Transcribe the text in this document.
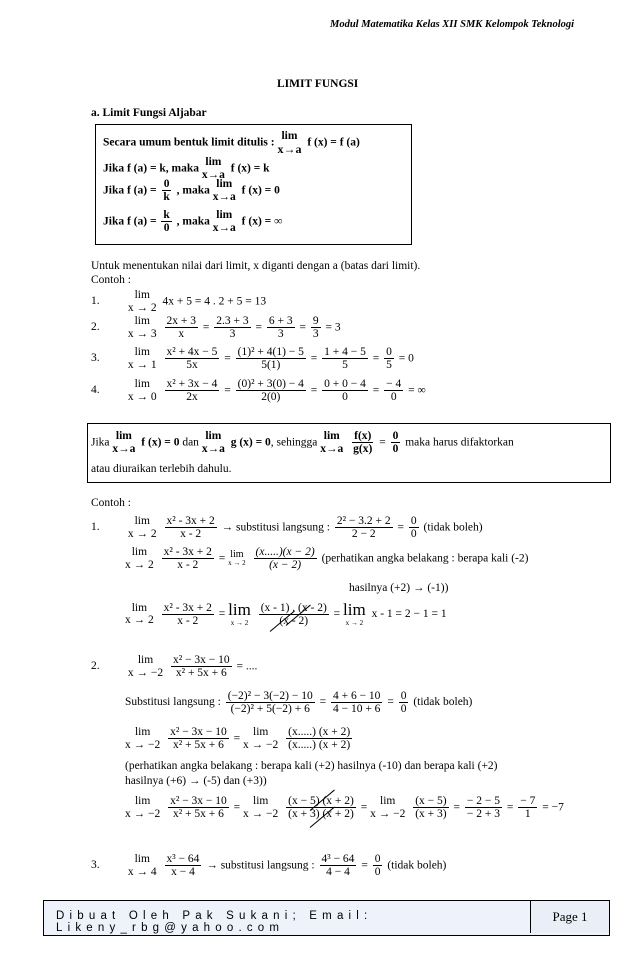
Modul Matematika Kelas XII SMK Kelompok Teknologi
LIMIT FUNGSI
a. Limit Fungsi Aljabar
Secara umum bentuk limit ditulis :
lim
x→a f (x) = f (a)
Jika f (a) = k, maka
lim
x→a
f (x) = k
Jika f $(a) = \frac{0}{k}$ , maka
lim
x→a
f (x) = 0
Jika f $(a) = \frac{k}{0}$ , maka
lim
x→a
f (x) = ∞
Untuk menentukan nilai dari limit, x diganti dengan a (batas dari limit).
Contoh :
1.
lim
x → 2
4x + 5 = 4 . 2 + 5 = 13
2.
lim
x → 3
$\frac{2x + 3}{x} = \frac{2.3 + 3}{3} = \frac{6 + 3}{3} = \frac{9}{3} = 3$
3.
lim
x → 1
$\frac{\text{x² + 4x − 5}}{5x} = \frac{\text{(1)² + 4(1) − 5}}{5(1)} = \frac{1 + 4 - 5}{5} = \frac{0}{5} = 0$
4.
lim
x → 0
$\frac{\text{x² + 3x − 4}}{2x} = \frac{\text{(0)² + 3(0) − 4}}{2(0)} = \frac{0 + 0 - 4}{0} = \frac{- 4}{0}$ = ∞
Jika
lim
x→a
f (x) = 0 dan
lim
x→a
g (x) = 0, sehingga
lim
x→a
$\frac{f(x)}{g(x)} = \frac{0}{0}$ maka harus difaktorkan
atau diuraikan terlebih dahulu.
Contoh :
1.
lim
x → 2
$\frac{\text{x² - 3x + 2}}{x - 2}$ → substitusi langsung : $\frac{\text{2² − 3.2 + 2}}{2 - 2} = \frac{0}{0}$ (tidak boleh)
lim
x → 2
$\frac{\text{x² - 3x + 2}}{x - 2} = \lim$
x → 2
$\frac{(x.....)(x - 2)}{(x - 2)}$ (perhatikan angka belakang : berapa kali (-2)
hasilnya (+2) → (-1))
lim
x → 2
$\frac{\text{x² - 3x + 2}}{x - 2} = \lim$
x → 2
$\frac{(x - 1) . (x - 2)}{(x - 2)} = \lim$
x → 2
x - 1 = 2 − 1 = 1
2.
lim
x → −2
$\frac{\text{x² − 3x − 10}}{\text{x² + 5x + 6}}$ = ....
Substitusi langsung : $\frac{\text{(−2)² − 3(−2) − 10}}{\text{(−2)² + 5(−2) + 6}} = \frac{4 + 6 - 10}{4 - 10 + 6} = \frac{0}{0}$ (tidak boleh)
lim
x → −2
$\frac{\text{x² − 3x − 10}}{\text{x² + 5x + 6}}$ =
lim
x → −2
$\frac{(x.....) (x + 2)}{(x.....) (x + 2)}$
(perhatikan angka belakang : berapa kali (+2) hasilnya (-10) dan berapa kali (+2)
hasilnya (+6) → (-5) dan (+3))
lim
x → −2
$\frac{\text{x² − 3x − 10}}{\text{x² + 5x + 6}}$ =
lim
x → −2
$\frac{(x - 5) (x + 2)}{(x + 3) (x + 2)}$ =
lim
x → −2
$\frac{(x - 5)}{(x + 3)} = \frac{- 2 - 5}{- 2 + 3} = \frac{- 7}{1} = -7$
3.
lim
x → 4
$\frac{\text{x³ − 64}}{x - 4}$ → substitusi langsung : $\frac{\text{4³ − 64}}{4 - 4} = \frac{0}{0}$ (tidak boleh)
Dibuat Oleh Pak Sukani; Email: Likeny_rbg@yahoo.com
Page 1
